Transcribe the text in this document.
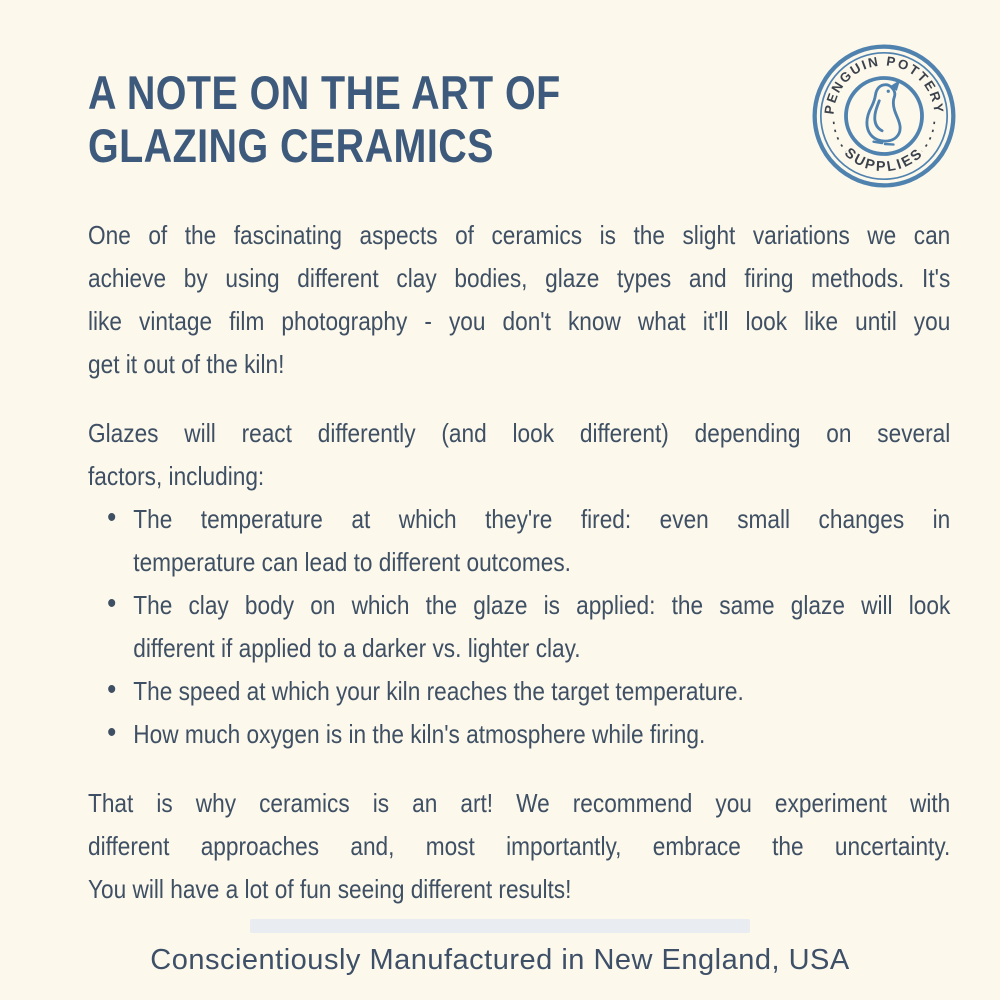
PENGUIN POTTERY
SUPPLIES
A NOTE ON THE ART OF
GLAZING CERAMICS

One of the fascinating aspects of ceramics is the slight variations we can
achieve by using different clay bodies, glaze types and firing methods. It's
like vintage film photography - you don't know what it'll look like until you
get it out of the kiln!

Glazes will react differently (and look different) depending on several
factors, including:

• The temperature at which they're fired: even small changes in
temperature can lead to different outcomes.
• The clay body on which the glaze is applied: the same glaze will look
different if applied to a darker vs. lighter clay.
• The speed at which your kiln reaches the target temperature.
• How much oxygen is in the kiln's atmosphere while firing.

That is why ceramics is an art! We recommend you experiment with
different approaches and, most importantly, embrace the uncertainty.
You will have a lot of fun seeing different results!

Conscientiously Manufactured in New England, USA
